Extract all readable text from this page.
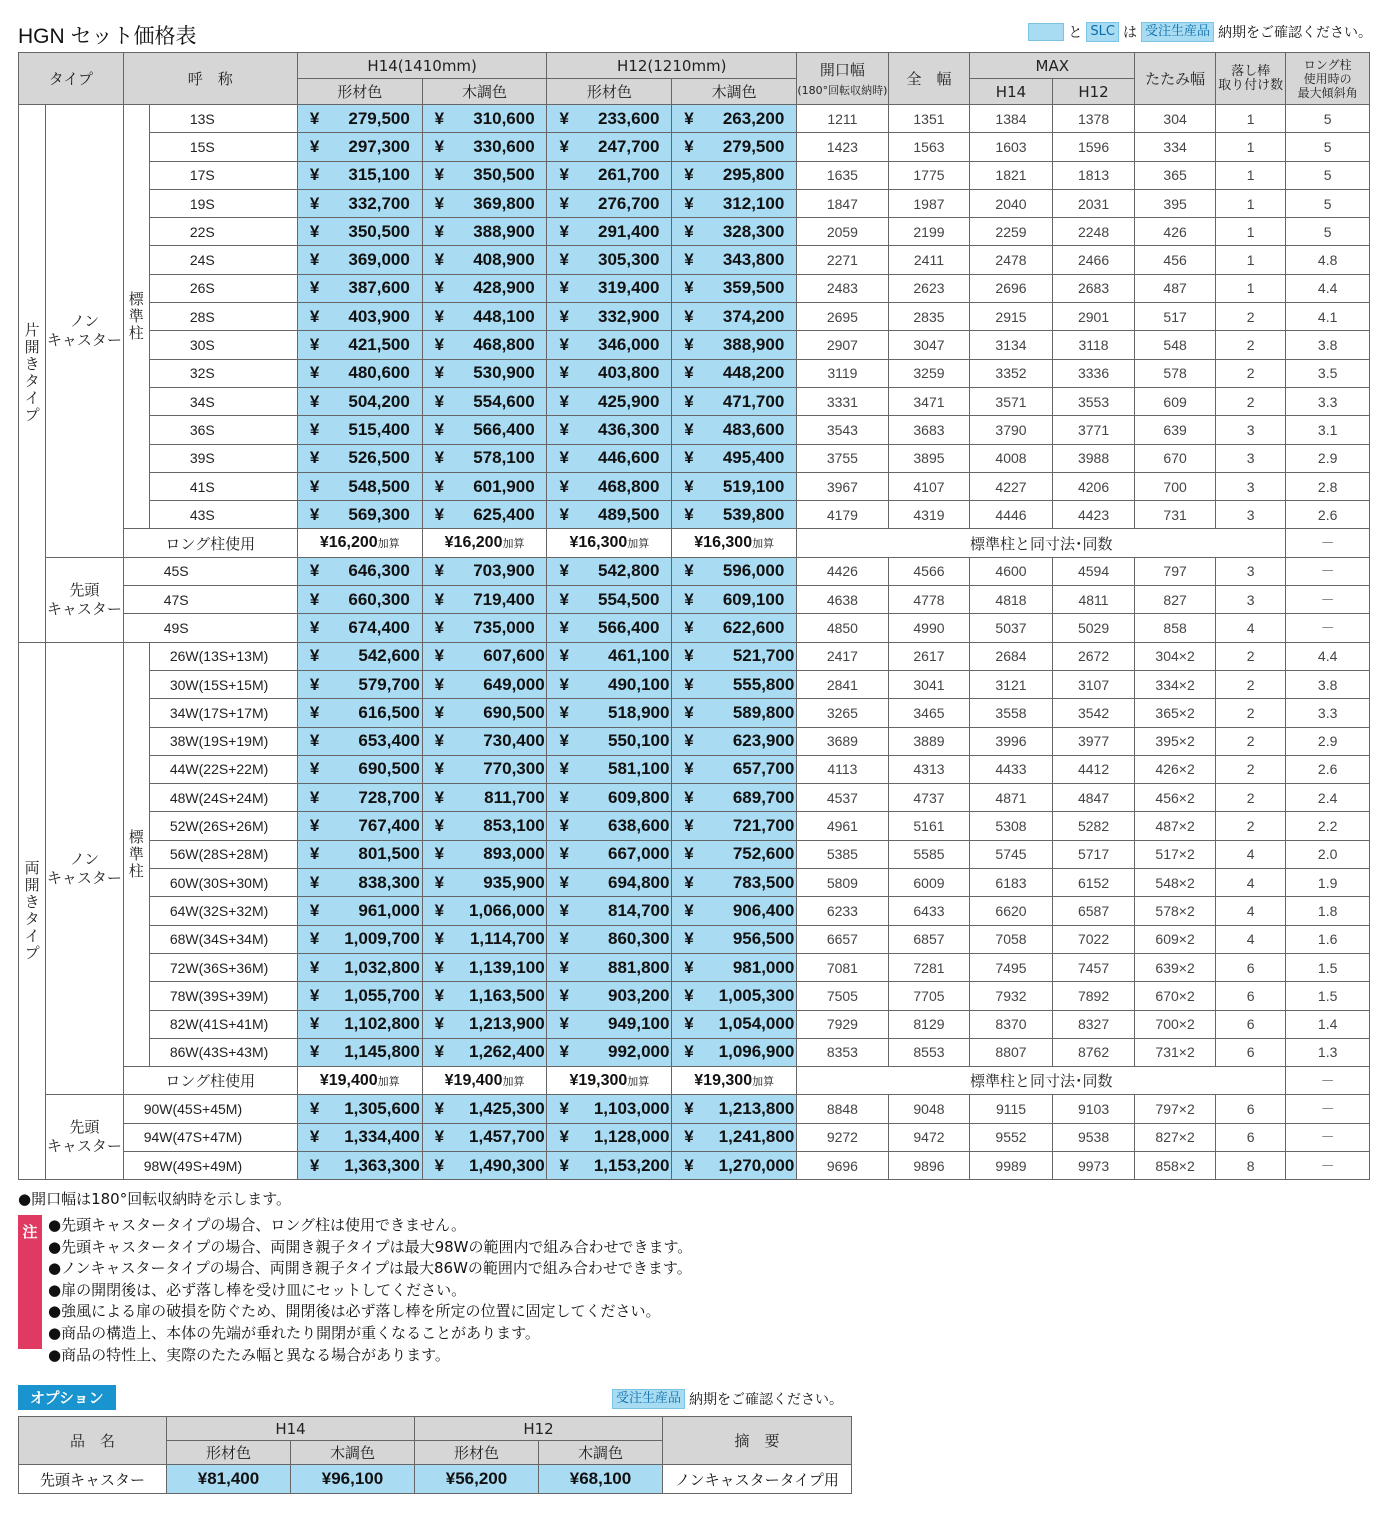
HGN セット価格表	と SLC は 受注生産品 納期をご確認ください。
タイプ		呼　称		H14(1410mm)		H12(1210mm)		開口幅
(180°回転収納時)	全　幅	MAX		たたみ幅	落し棒
取り付け数	ロング柱
使用時の
最大傾斜角
				形材色	木調色	形材色	木調色			H14	H12			
片開きタイプ	ノン
キャスター	標準柱	13S	¥ 279,500	¥ 310,600	¥ 233,600	¥ 263,200	1211	1351	1384	1378	304	1	5
			15S	¥ 297,300	¥ 330,600	¥ 247,700	¥ 279,500	1423	1563	1603	1596	334	1	5
			17S	¥ 315,100	¥ 350,500	¥ 261,700	¥ 295,800	1635	1775	1821	1813	365	1	5
			19S	¥ 332,700	¥ 369,800	¥ 276,700	¥ 312,100	1847	1987	2040	2031	395	1	5
			22S	¥ 350,500	¥ 388,900	¥ 291,400	¥ 328,300	2059	2199	2259	2248	426	1	5
			24S	¥ 369,000	¥ 408,900	¥ 305,300	¥ 343,800	2271	2411	2478	2466	456	1	4.8
			26S	¥ 387,600	¥ 428,900	¥ 319,400	¥ 359,500	2483	2623	2696	2683	487	1	4.4
			28S	¥ 403,900	¥ 448,100	¥ 332,900	¥ 374,200	2695	2835	2915	2901	517	2	4.1
			30S	¥ 421,500	¥ 468,800	¥ 346,000	¥ 388,900	2907	3047	3134	3118	548	2	3.8
			32S	¥ 480,600	¥ 530,900	¥ 403,800	¥ 448,200	3119	3259	3352	3336	578	2	3.5
			34S	¥ 504,200	¥ 554,600	¥ 425,900	¥ 471,700	3331	3471	3571	3553	609	2	3.3
			36S	¥ 515,400	¥ 566,400	¥ 436,300	¥ 483,600	3543	3683	3790	3771	639	3	3.1
			39S	¥ 526,500	¥ 578,100	¥ 446,600	¥ 495,400	3755	3895	4008	3988	670	3	2.9
			41S	¥ 548,500	¥ 601,900	¥ 468,800	¥ 519,100	3967	4107	4227	4206	700	3	2.8
			43S	¥ 569,300	¥ 625,400	¥ 489,500	¥ 539,800	4179	4319	4446	4423	731	3	2.6
		ロング柱使用		¥16,200加算	¥16,200加算	¥16,300加算	¥16,300加算	標準柱と同寸法･同数						－
	先頭
キャスター	45S		¥ 646,300	¥ 703,900	¥ 542,800	¥ 596,000	4426	4566	4600	4594	797	3	－
		47S		¥ 660,300	¥ 719,400	¥ 554,500	¥ 609,100	4638	4778	4818	4811	827	3	－
		49S		¥ 674,400	¥ 735,000	¥ 566,400	¥ 622,600	4850	4990	5037	5029	858	4	－
両開きタイプ	ノン
キャスター	標準柱	26W(13S+13M)	¥ 542,600	¥ 607,600	¥ 461,100	¥ 521,700	2417	2617	2684	2672	304×2	2	4.4
			30W(15S+15M)	¥ 579,700	¥ 649,000	¥ 490,100	¥ 555,800	2841	3041	3121	3107	334×2	2	3.8
			34W(17S+17M)	¥ 616,500	¥ 690,500	¥ 518,900	¥ 589,800	3265	3465	3558	3542	365×2	2	3.3
			38W(19S+19M)	¥ 653,400	¥ 730,400	¥ 550,100	¥ 623,900	3689	3889	3996	3977	395×2	2	2.9
			44W(22S+22M)	¥ 690,500	¥ 770,300	¥ 581,100	¥ 657,700	4113	4313	4433	4412	426×2	2	2.6
			48W(24S+24M)	¥ 728,700	¥ 811,700	¥ 609,800	¥ 689,700	4537	4737	4871	4847	456×2	2	2.4
			52W(26S+26M)	¥ 767,400	¥ 853,100	¥ 638,600	¥ 721,700	4961	5161	5308	5282	487×2	2	2.2
			56W(28S+28M)	¥ 801,500	¥ 893,000	¥ 667,000	¥ 752,600	5385	5585	5745	5717	517×2	4	2.0
			60W(30S+30M)	¥ 838,300	¥ 935,900	¥ 694,800	¥ 783,500	5809	6009	6183	6152	548×2	4	1.9
			64W(32S+32M)	¥ 961,000	¥ 1,066,000	¥ 814,700	¥ 906,400	6233	6433	6620	6587	578×2	4	1.8
			68W(34S+34M)	¥ 1,009,700	¥ 1,114,700	¥ 860,300	¥ 956,500	6657	6857	7058	7022	609×2	4	1.6
			72W(36S+36M)	¥ 1,032,800	¥ 1,139,100	¥ 881,800	¥ 981,000	7081	7281	7495	7457	639×2	6	1.5
			78W(39S+39M)	¥ 1,055,700	¥ 1,163,500	¥ 903,200	¥ 1,005,300	7505	7705	7932	7892	670×2	6	1.5
			82W(41S+41M)	¥ 1,102,800	¥ 1,213,900	¥ 949,100	¥ 1,054,000	7929	8129	8370	8327	700×2	6	1.4
			86W(43S+43M)	¥ 1,145,800	¥ 1,262,400	¥ 992,000	¥ 1,096,900	8353	8553	8807	8762	731×2	6	1.3
		ロング柱使用		¥19,400加算	¥19,400加算	¥19,300加算	¥19,300加算	標準柱と同寸法･同数						－
	先頭
キャスター	90W(45S+45M)		¥ 1,305,600	¥ 1,425,300	¥ 1,103,000	¥ 1,213,800	8848	9048	9115	9103	797×2	6	－
		94W(47S+47M)		¥ 1,334,400	¥ 1,457,700	¥ 1,128,000	¥ 1,241,800	9272	9472	9552	9538	827×2	6	－
		98W(49S+49M)		¥ 1,363,300	¥ 1,490,300	¥ 1,153,200	¥ 1,270,000	9696	9896	9989	9973	858×2	8	－
●開口幅は180°回転収納時を示します。
注 ●先頭キャスタータイプの場合、ロング柱は使用できません。
●先頭キャスタータイプの場合、両開き親子タイプは最大98Wの範囲内で組み合わせできます。
●ノンキャスタータイプの場合、両開き親子タイプは最大86Wの範囲内で組み合わせできます。
●扉の開閉後は、必ず落し棒を受け皿にセットしてください。
●強風による扉の破損を防ぐため、開閉後は必ず落し棒を所定の位置に固定してください。
●商品の構造上、本体の先端が垂れたり開閉が重くなることがあります。
●商品の特性上、実際のたたみ幅と異なる場合があります。
オプション	受注生産品 納期をご確認ください。
品　名	H14		H12		摘　要
	形材色	木調色	形材色	木調色	
先頭キャスター	¥81,400	¥96,100	¥56,200	¥68,100	ノンキャスタータイプ用
